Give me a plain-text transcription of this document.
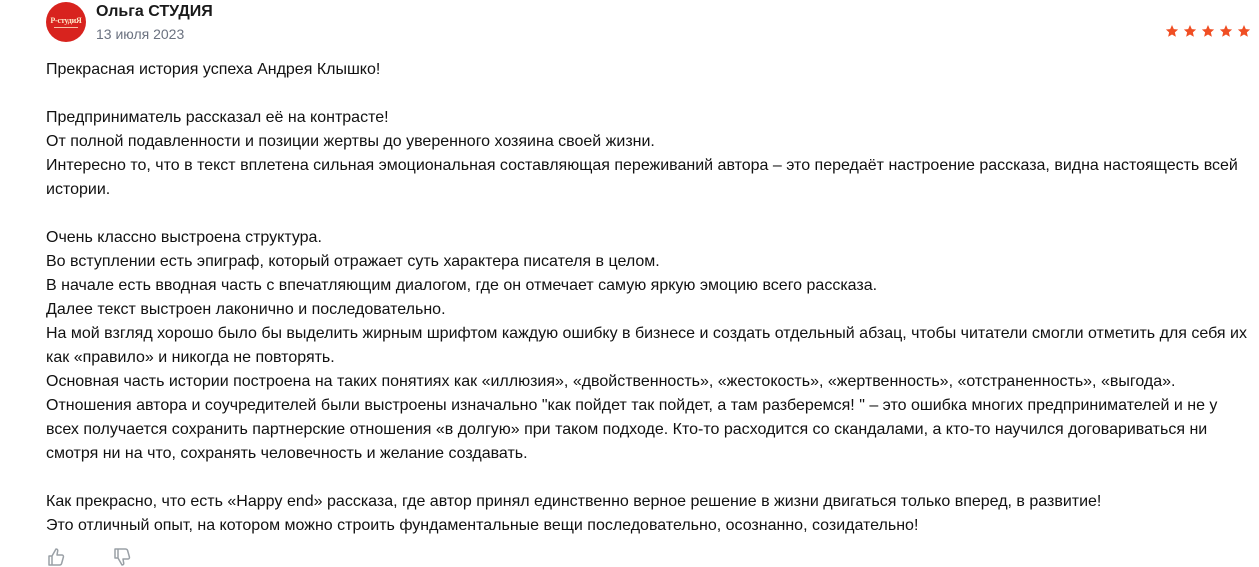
Р-студиЯ Ольга СТУДИЯ
13 июля 2023
Прекрасная история успеха Андрея Клышко!
Предприниматель рассказал её на контрасте!
От полной подавленности и позиции жертвы до уверенного хозяина своей жизни.
Интересно то, что в текст вплетена сильная эмоциональная составляющая переживаний автора – это передаёт настроение рассказа, видна настоящесть всей истории.
Очень классно выстроена структура.
Во вступлении есть эпиграф, который отражает суть характера писателя в целом.
В начале есть вводная часть с впечатляющим диалогом, где он отмечает самую яркую эмоцию всего рассказа.
Далее текст выстроен лаконично и последовательно.
На мой взгляд хорошо было бы выделить жирным шрифтом каждую ошибку в бизнесе и создать отдельный абзац, чтобы читатели смогли отметить для себя их как «правило» и никогда не повторять.
Основная часть истории построена на таких понятиях как «иллюзия», «двойственность», «жестокость», «жертвенность», «отстраненность», «выгода».
Отношения автора и соучредителей были выстроены изначально "как пойдет так пойдет, а там разберемся! " – это ошибка многих предпринимателей и не у всех получается сохранить партнерские отношения «в долгую» при таком подходе. Кто-то расходится со скандалами, а кто-то научился договариваться ни смотря ни на что, сохранять человечность и желание создавать.
Как прекрасно, что есть «Happy end» рассказа, где автор принял единственно верное решение в жизни двигаться только вперед, в развитие!
Это отличный опыт, на котором можно строить фундаментальные вещи последовательно, осознанно, созидательно!
